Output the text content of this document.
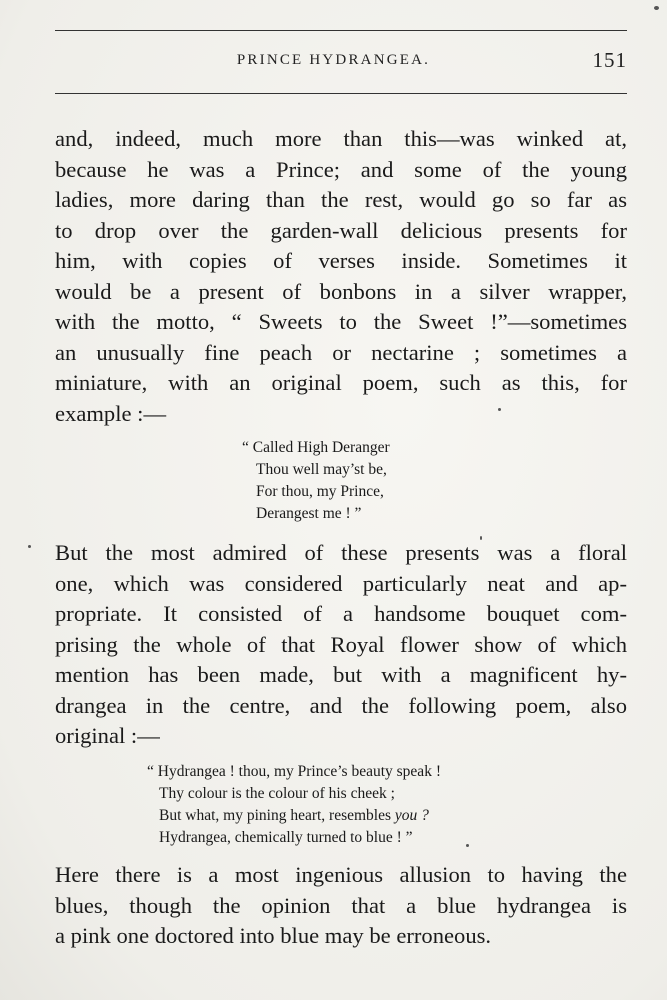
PRINCE HYDRANGEA.	151

and, indeed, much more than this—was winked at,
because he was a Prince; and some of the young
ladies, more daring than the rest, would go so far as
to drop over the garden-wall delicious presents for
him, with copies of verses inside. Sometimes it
would be a present of bonbons in a silver wrapper,
with the motto, “ Sweets to the Sweet !”—sometimes
an unusually fine peach or nectarine ; sometimes a
miniature, with an original poem, such as this, for
example :—

“ Called High Deranger
Thou well may’st be,
For thou, my Prince,
Derangest me ! ”

But the most admired of these presents was a floral
one, which was considered particularly neat and ap-
propriate. It consisted of a handsome bouquet com-
prising the whole of that Royal flower show of which
mention has been made, but with a magnificent hy-
drangea in the centre, and the following poem, also
original :—

“ Hydrangea ! thou, my Prince’s beauty speak !
Thy colour is the colour of his cheek ;
But what, my pining heart, resembles you ?
Hydrangea, chemically turned to blue ! ”

Here there is a most ingenious allusion to having the
blues, though the opinion that a blue hydrangea is
a pink one doctored into blue may be erroneous.
